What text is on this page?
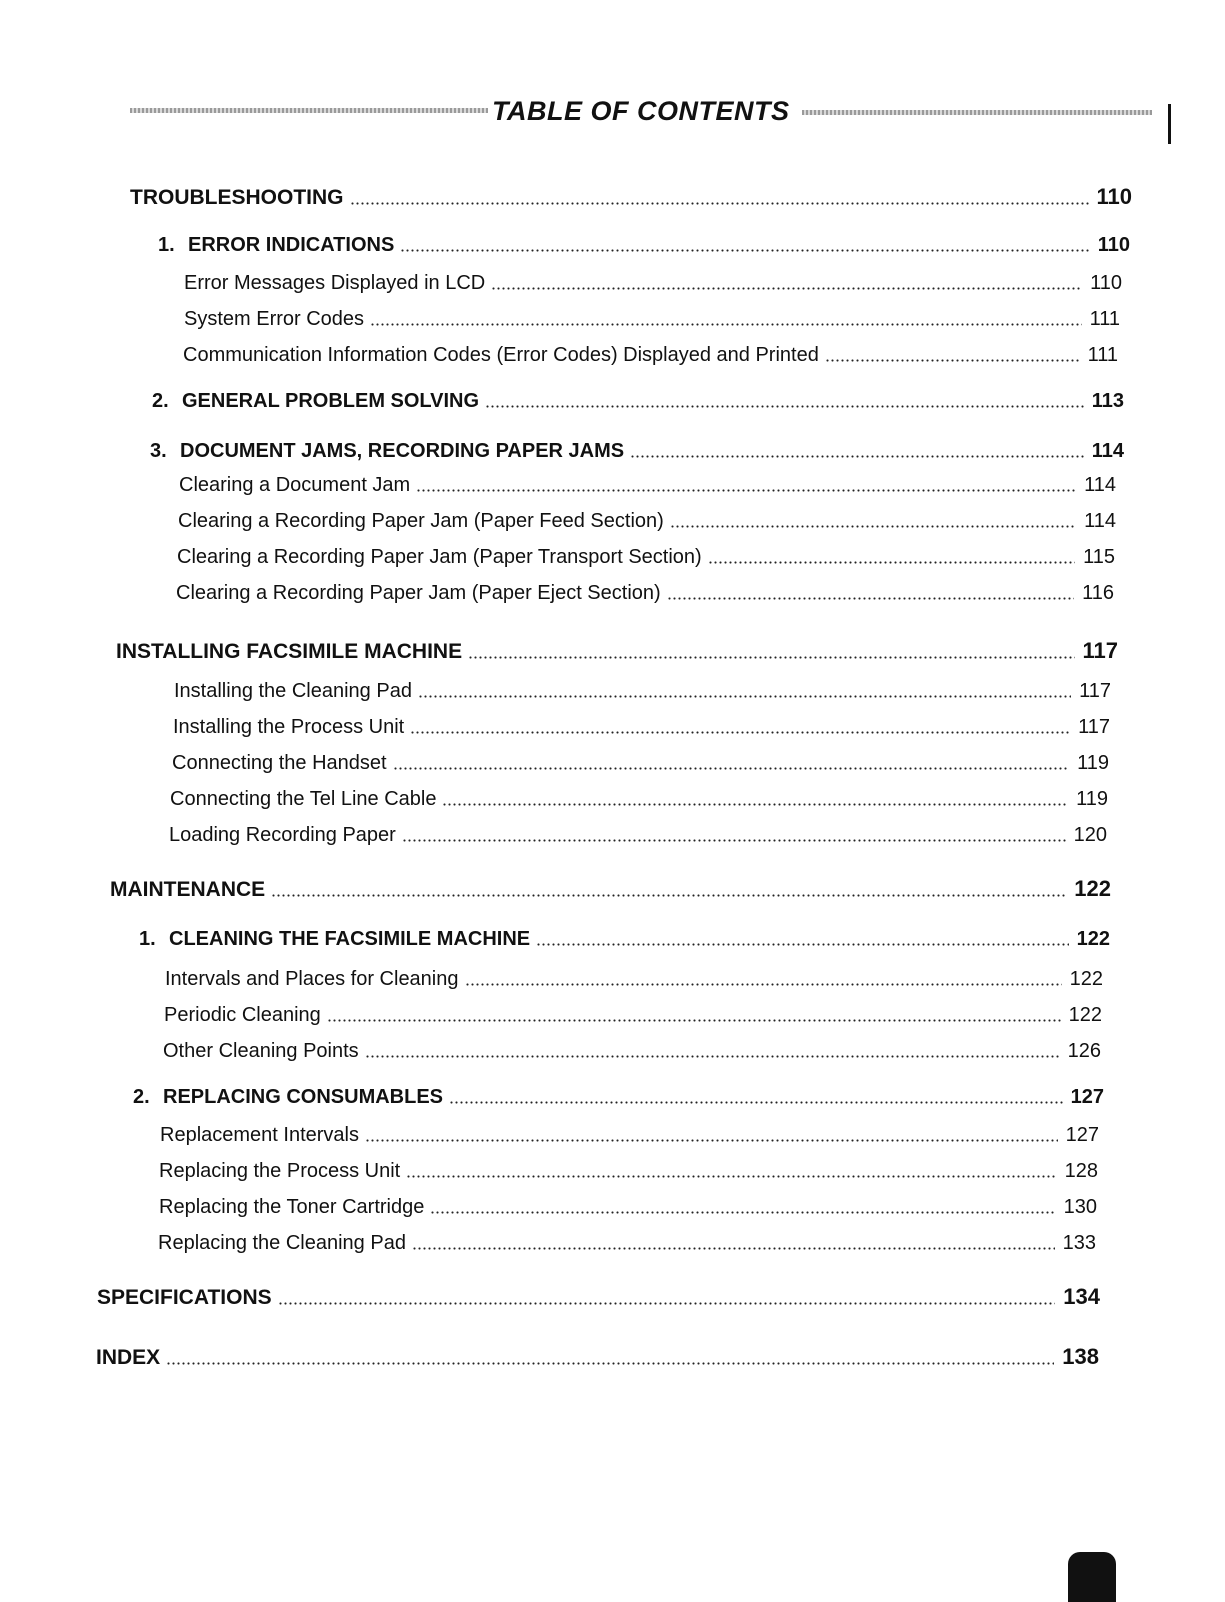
TABLE OF CONTENTS
TROUBLESHOOTING	110
1. ERROR INDICATIONS	110
Error Messages Displayed in LCD	110
System Error Codes	111
Communication Information Codes (Error Codes) Displayed and Printed	111
2. GENERAL PROBLEM SOLVING	113
3. DOCUMENT JAMS, RECORDING PAPER JAMS	114
Clearing a Document Jam	114
Clearing a Recording Paper Jam (Paper Feed Section)	114
Clearing a Recording Paper Jam (Paper Transport Section)	115
Clearing a Recording Paper Jam (Paper Eject Section)	116
INSTALLING FACSIMILE MACHINE	117
Installing the Cleaning Pad	117
Installing the Process Unit	117
Connecting the Handset	119
Connecting the Tel Line Cable	119
Loading Recording Paper	120
MAINTENANCE	122
1. CLEANING THE FACSIMILE MACHINE	122
Intervals and Places for Cleaning	122
Periodic Cleaning	122
Other Cleaning Points	126
2. REPLACING CONSUMABLES	127
Replacement Intervals	127
Replacing the Process Unit	128
Replacing the Toner Cartridge	130
Replacing the Cleaning Pad	133
SPECIFICATIONS	134
INDEX	138
